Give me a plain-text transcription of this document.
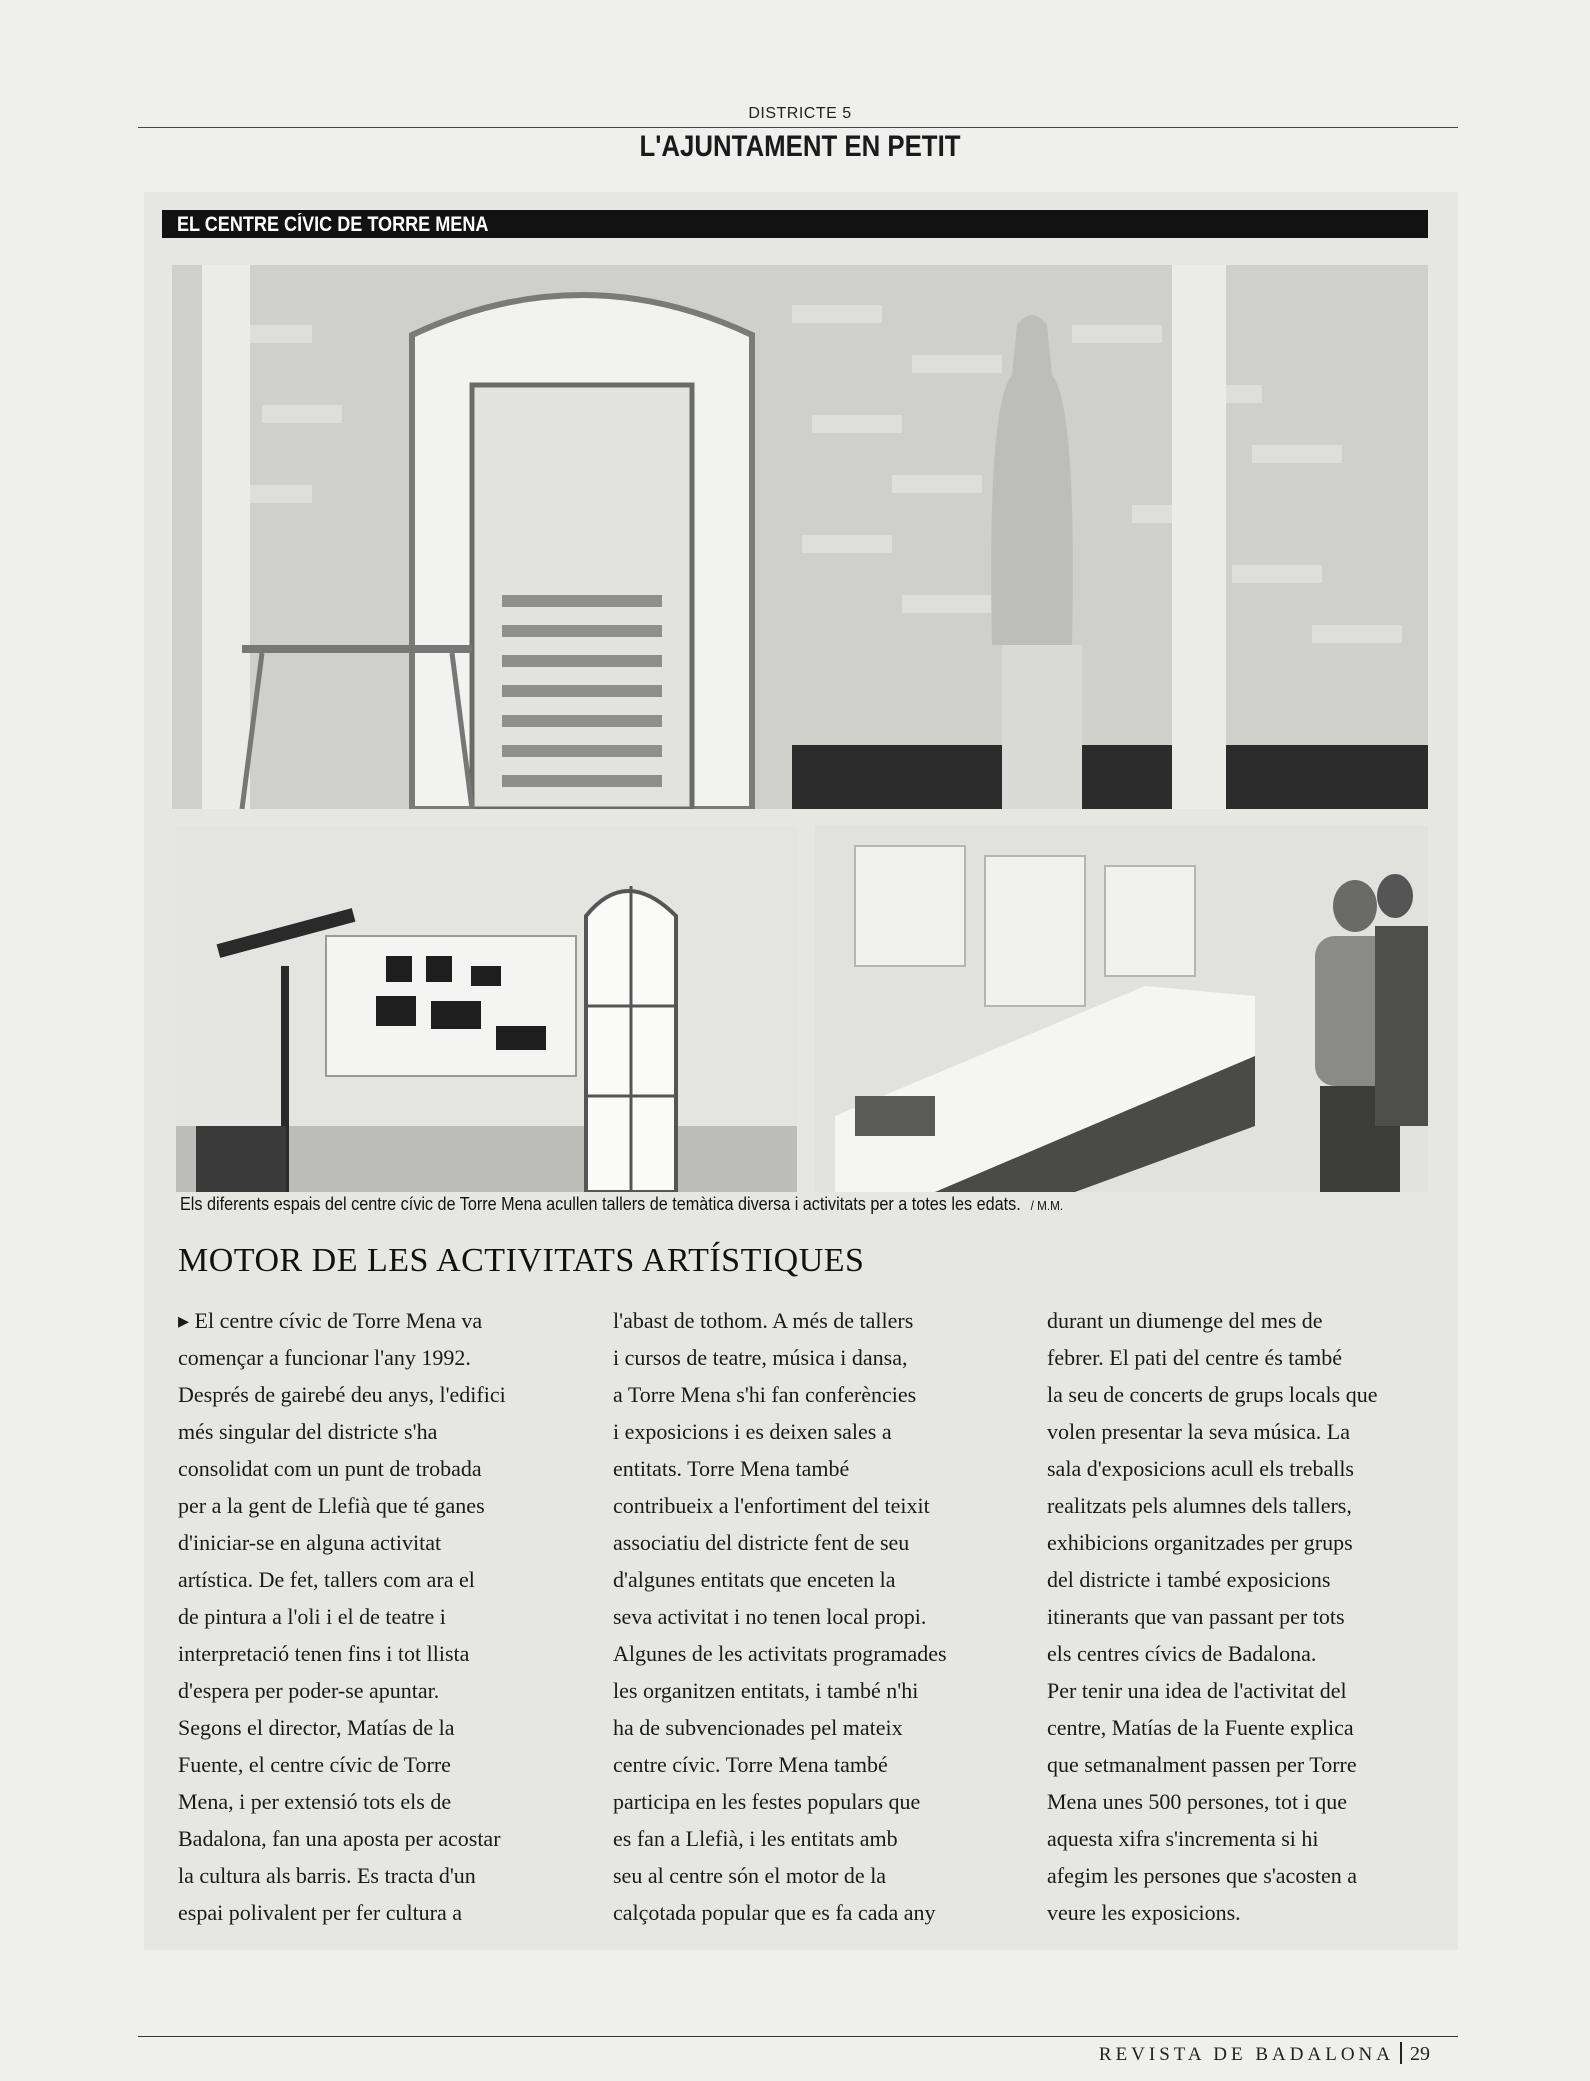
DISTRICTE 5
L'AJUNTAMENT EN PETIT
EL CENTRE CÍVIC DE TORRE MENA
Els diferents espais del centre cívic de Torre Mena acullen tallers de temàtica diversa i activitats per a totes les edats. / M.M.
MOTOR DE LES ACTIVITATS ARTÍSTIQUES
▸ El centre cívic de Torre Mena va
començar a funcionar l'any 1992.
Després de gairebé deu anys, l'edifici
més singular del districte s'ha
consolidat com un punt de trobada
per a la gent de Llefià que té ganes
d'iniciar-se en alguna activitat
artística. De fet, tallers com ara el
de pintura a l'oli i el de teatre i
interpretació tenen fins i tot llista
d'espera per poder-se apuntar.
Segons el director, Matías de la
Fuente, el centre cívic de Torre
Mena, i per extensió tots els de
Badalona, fan una aposta per acostar
la cultura als barris. Es tracta d'un
espai polivalent per fer cultura a
l'abast de tothom. A més de tallers
i cursos de teatre, música i dansa,
a Torre Mena s'hi fan conferències
i exposicions i es deixen sales a
entitats. Torre Mena també
contribueix a l'enfortiment del teixit
associatiu del districte fent de seu
d'algunes entitats que enceten la
seva activitat i no tenen local propi.
Algunes de les activitats programades
les organitzen entitats, i també n'hi
ha de subvencionades pel mateix
centre cívic. Torre Mena també
participa en les festes populars que
es fan a Llefià, i les entitats amb
seu al centre són el motor de la
calçotada popular que es fa cada any
durant un diumenge del mes de
febrer. El pati del centre és també
la seu de concerts de grups locals que
volen presentar la seva música. La
sala d'exposicions acull els treballs
realitzats pels alumnes dels tallers,
exhibicions organitzades per grups
del districte i també exposicions
itinerants que van passant per tots
els centres cívics de Badalona.
Per tenir una idea de l'activitat del
centre, Matías de la Fuente explica
que setmanalment passen per Torre
Mena unes 500 persones, tot i que
aquesta xifra s'incrementa si hi
afegim les persones que s'acosten a
veure les exposicions.
REVISTA DE BADALONA 29
